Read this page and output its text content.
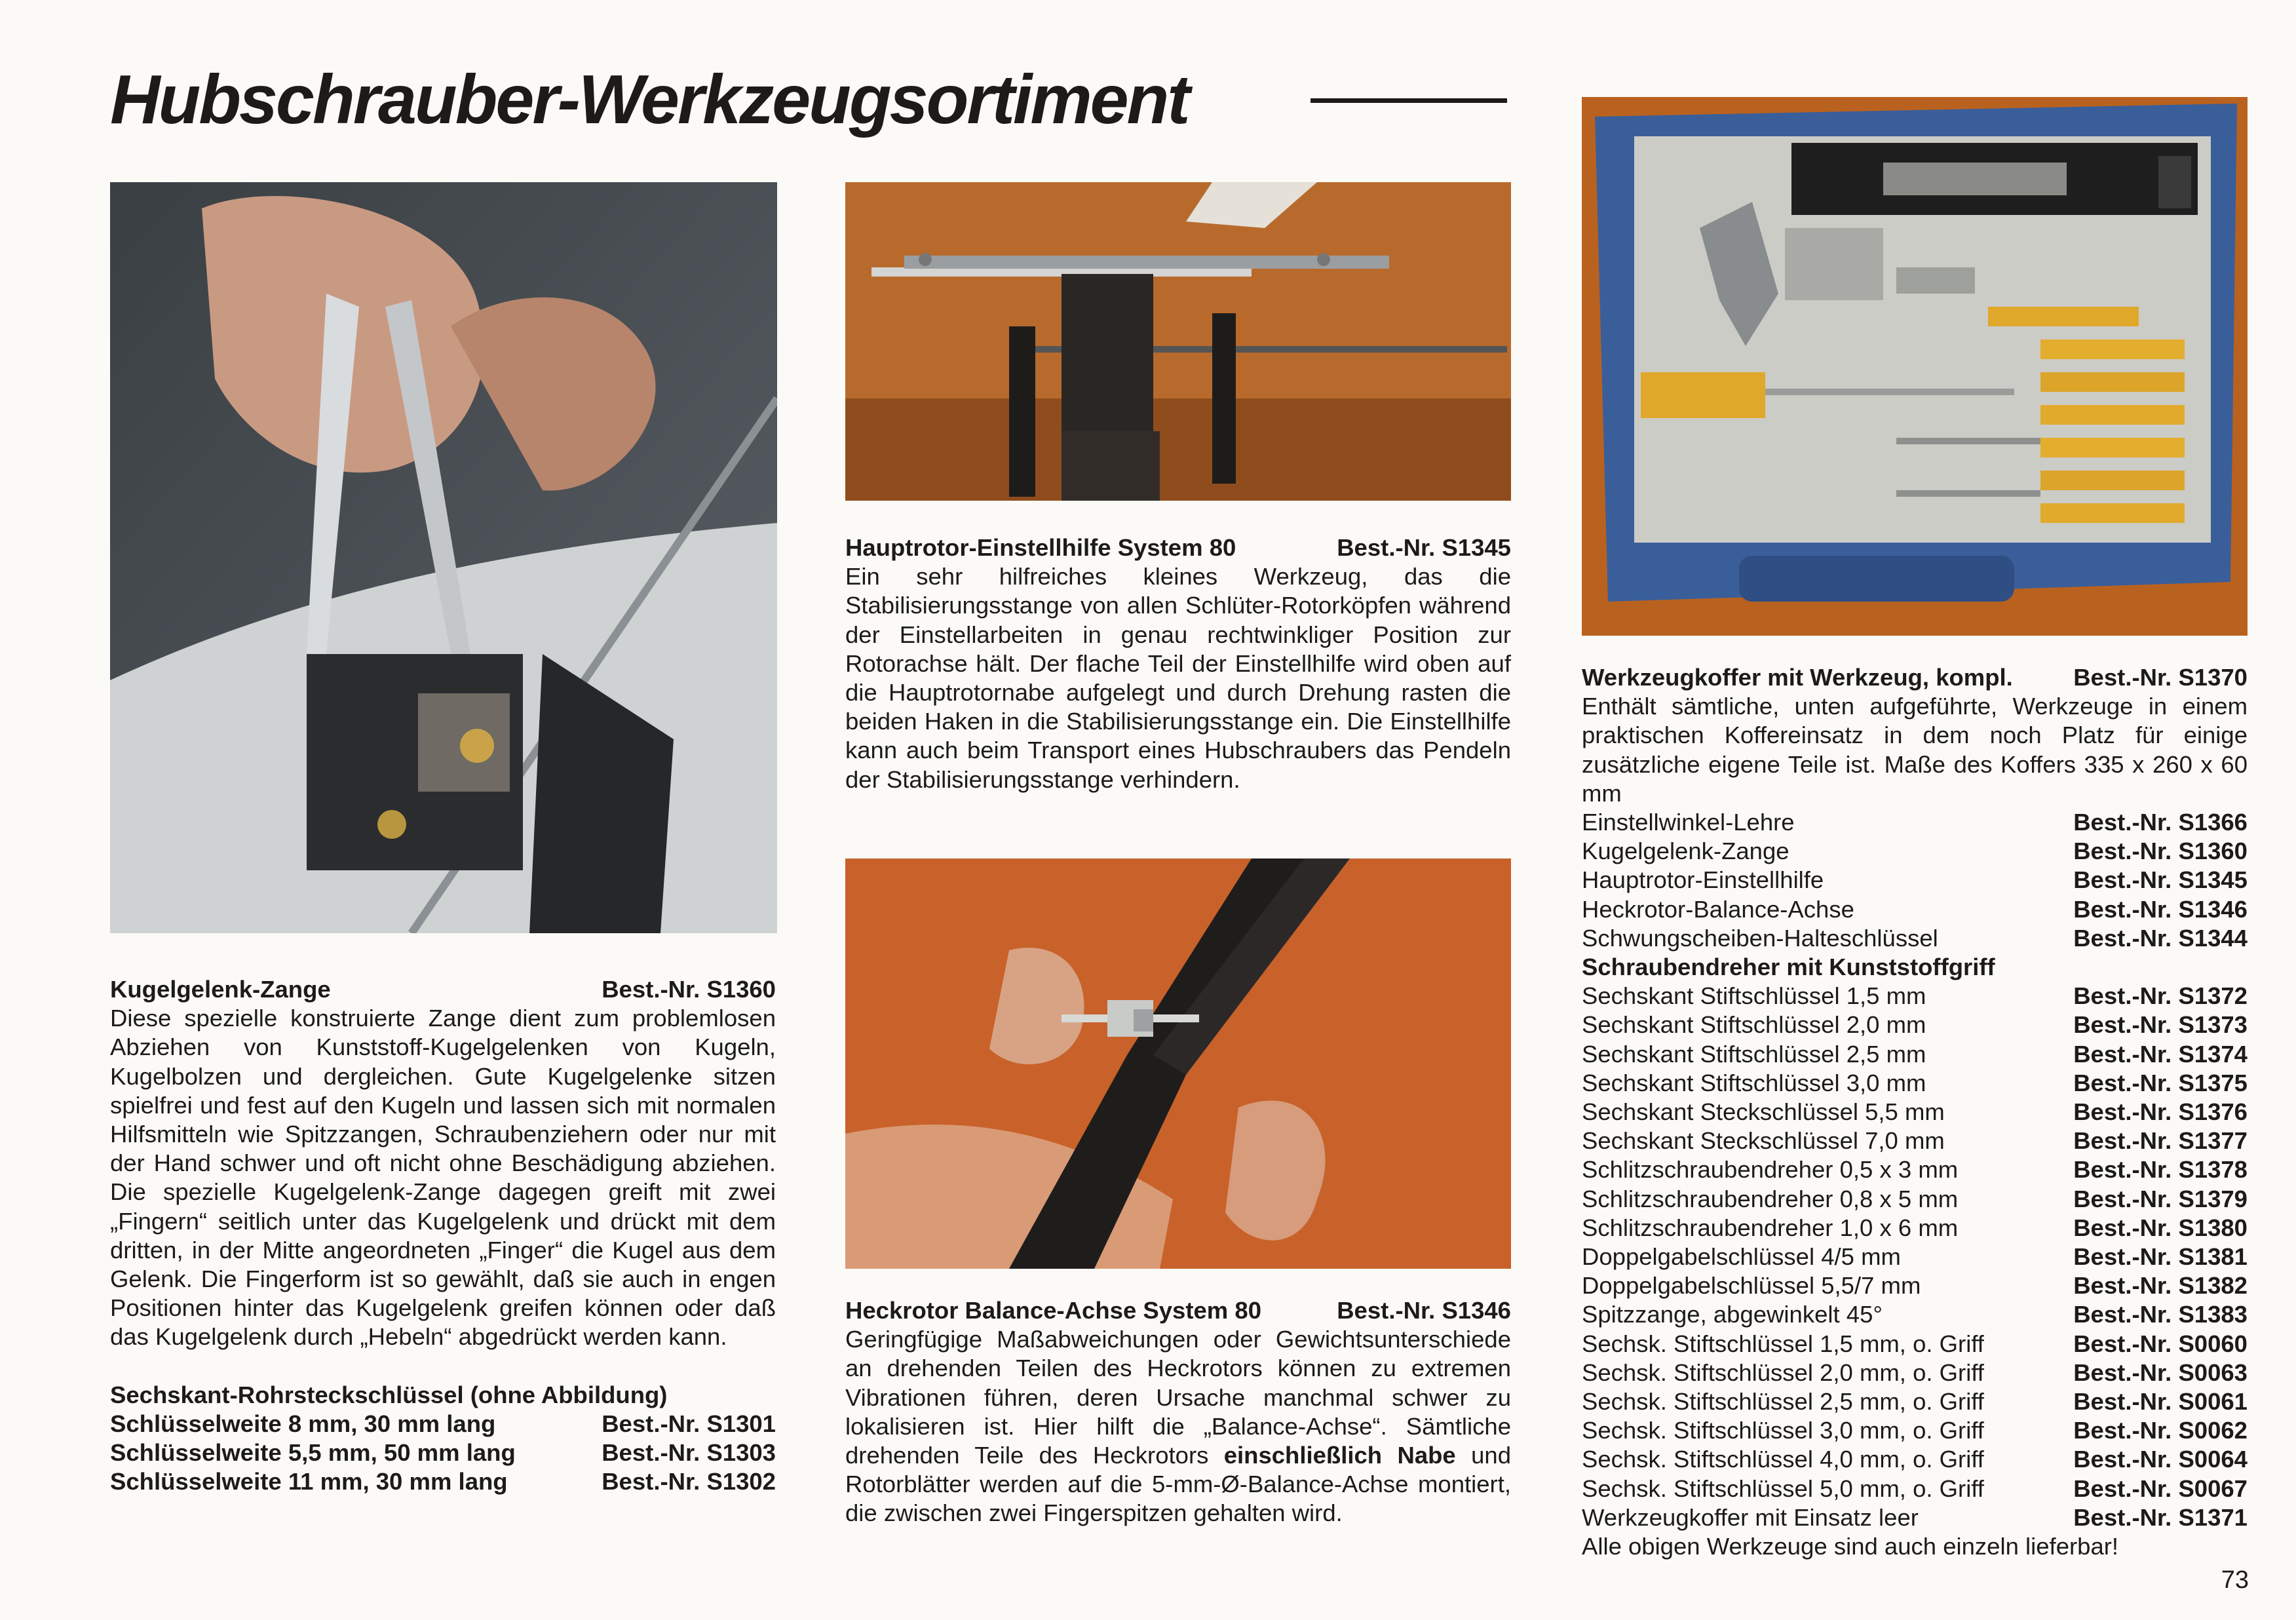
Hubschrauber-Werkzeugsortiment
Kugelgelenk-Zange	Best.-Nr. S1360
Diese spezielle konstruierte Zange dient zum problemlosen Abziehen von Kunststoff-Kugelgelenken von Kugeln, Kugelbolzen und dergleichen. Gute Kugelgelenke sitzen spielfrei und fest auf den Kugeln und lassen sich mit normalen Hilfsmitteln wie Spitzzangen, Schraubenziehern oder nur mit der Hand schwer und oft nicht ohne Beschädigung abziehen. Die spezielle Kugelgelenk-Zange dagegen greift mit zwei „Fingern“ seitlich unter das Kugelgelenk und drückt mit dem dritten, in der Mitte angeordneten „Finger“ die Kugel aus dem Gelenk. Die Fingerform ist so gewählt, daß sie auch in engen Positionen hinter das Kugelgelenk greifen können oder daß das Kugelgelenk durch „Hebeln“ abgedrückt werden kann.
Sechskant-Rohrsteckschlüssel (ohne Abbildung)
Schlüsselweite 8 mm, 30 mm lang	Best.-Nr. S1301
Schlüsselweite 5,5 mm, 50 mm lang	Best.-Nr. S1303
Schlüsselweite 11 mm, 30 mm lang	Best.-Nr. S1302
Hauptrotor-Einstellhilfe System 80	Best.-Nr. S1345
Ein sehr hilfreiches kleines Werkzeug, das die Stabilisierungsstange von allen Schlüter-Rotorköpfen während der Einstellarbeiten in genau rechtwinkliger Position zur Rotorachse hält. Der flache Teil der Einstellhilfe wird oben auf die Hauptrotornabe aufgelegt und durch Drehung rasten die beiden Haken in die Stabilisierungsstange ein. Die Einstellhilfe kann auch beim Transport eines Hubschraubers das Pendeln der Stabilisierungsstange verhindern.
Heckrotor Balance-Achse System 80	Best.-Nr. S1346
Geringfügige Maßabweichungen oder Gewichtsunterschiede an drehenden Teilen des Heckrotors können zu extremen Vibrationen führen, deren Ursache manchmal schwer zu lokalisieren ist. Hier hilft die „Balance-Achse“. Sämtliche drehenden Teile des Heckrotors einschließlich Nabe und Rotorblätter werden auf die 5-mm-Ø-Balance-Achse montiert, die zwischen zwei Fingerspitzen gehalten wird.
Werkzeugkoffer mit Werkzeug, kompl.	Best.-Nr. S1370
Enthält sämtliche, unten aufgeführte, Werkzeuge in einem praktischen Koffereinsatz in dem noch Platz für einige zusätzliche eigene Teile ist. Maße des Koffers 335 x 260 x 60 mm
Einstellwinkel-Lehre	Best.-Nr. S1366
Kugelgelenk-Zange	Best.-Nr. S1360
Hauptrotor-Einstellhilfe	Best.-Nr. S1345
Heckrotor-Balance-Achse	Best.-Nr. S1346
Schwungscheiben-Halteschlüssel	Best.-Nr. S1344
Schraubendreher mit Kunststoffgriff
Sechskant Stiftschlüssel 1,5 mm	Best.-Nr. S1372
Sechskant Stiftschlüssel 2,0 mm	Best.-Nr. S1373
Sechskant Stiftschlüssel 2,5 mm	Best.-Nr. S1374
Sechskant Stiftschlüssel 3,0 mm	Best.-Nr. S1375
Sechskant Steckschlüssel 5,5 mm	Best.-Nr. S1376
Sechskant Steckschlüssel 7,0 mm	Best.-Nr. S1377
Schlitzschraubendreher 0,5 x 3 mm	Best.-Nr. S1378
Schlitzschraubendreher 0,8 x 5 mm	Best.-Nr. S1379
Schlitzschraubendreher 1,0 x 6 mm	Best.-Nr. S1380
Doppelgabelschlüssel 4/5 mm	Best.-Nr. S1381
Doppelgabelschlüssel 5,5/7 mm	Best.-Nr. S1382
Spitzzange, abgewinkelt 45°	Best.-Nr. S1383
Sechsk. Stiftschlüssel 1,5 mm, o. Griff	Best.-Nr. S0060
Sechsk. Stiftschlüssel 2,0 mm, o. Griff	Best.-Nr. S0063
Sechsk. Stiftschlüssel 2,5 mm, o. Griff	Best.-Nr. S0061
Sechsk. Stiftschlüssel 3,0 mm, o. Griff	Best.-Nr. S0062
Sechsk. Stiftschlüssel 4,0 mm, o. Griff	Best.-Nr. S0064
Sechsk. Stiftschlüssel 5,0 mm, o. Griff	Best.-Nr. S0067
Werkzeugkoffer mit Einsatz leer	Best.-Nr. S1371
Alle obigen Werkzeuge sind auch einzeln lieferbar!
73
